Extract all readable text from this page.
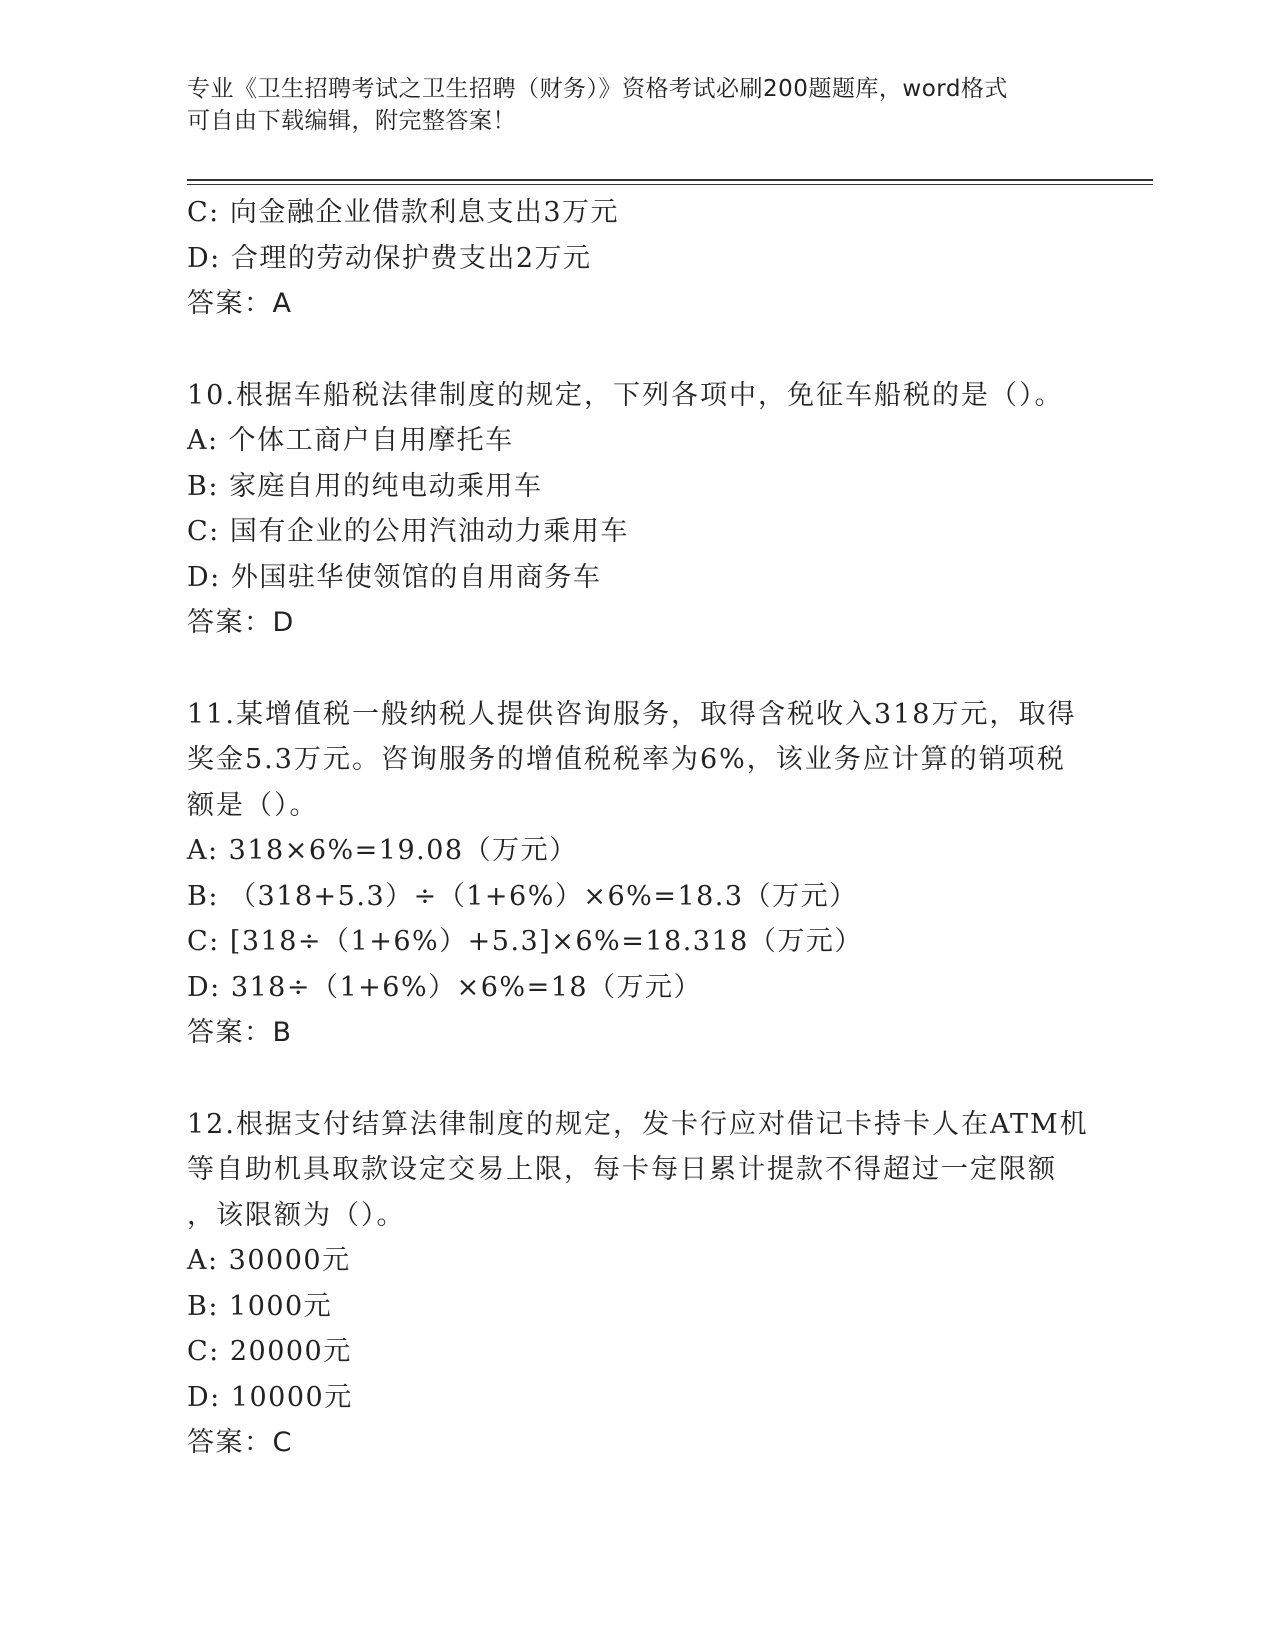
专业《卫生招聘考试之卫生招聘（财务）》资格考试必刷200题题库，word格式
可自由下载编辑，附完整答案！
C: 向金融企业借款利息支出3万元
D: 合理的劳动保护费支出2万元
答案：A
10.根据车船税法律制度的规定，下列各项中，免征车船税的是（）。
A: 个体工商户自用摩托车
B: 家庭自用的纯电动乘用车
C: 国有企业的公用汽油动力乘用车
D: 外国驻华使领馆的自用商务车
答案：D
11.某增值税一般纳税人提供咨询服务，取得含税收入318万元，取得
奖金5.3万元。咨询服务的增值税税率为6%，该业务应计算的销项税
额是（）。
A: 318×6%=19.08（万元）
B: （318+5.3）÷（1+6%）×6%=18.3（万元）
C: [318÷（1+6%）+5.3]×6%=18.318（万元）
D: 318÷（1+6%）×6%=18（万元）
答案：B
12.根据支付结算法律制度的规定，发卡行应对借记卡持卡人在ATM机
等自助机具取款设定交易上限，每卡每日累计提款不得超过一定限额
，该限额为（）。
A: 30000元
B: 1000元
C: 20000元
D: 10000元
答案：C
